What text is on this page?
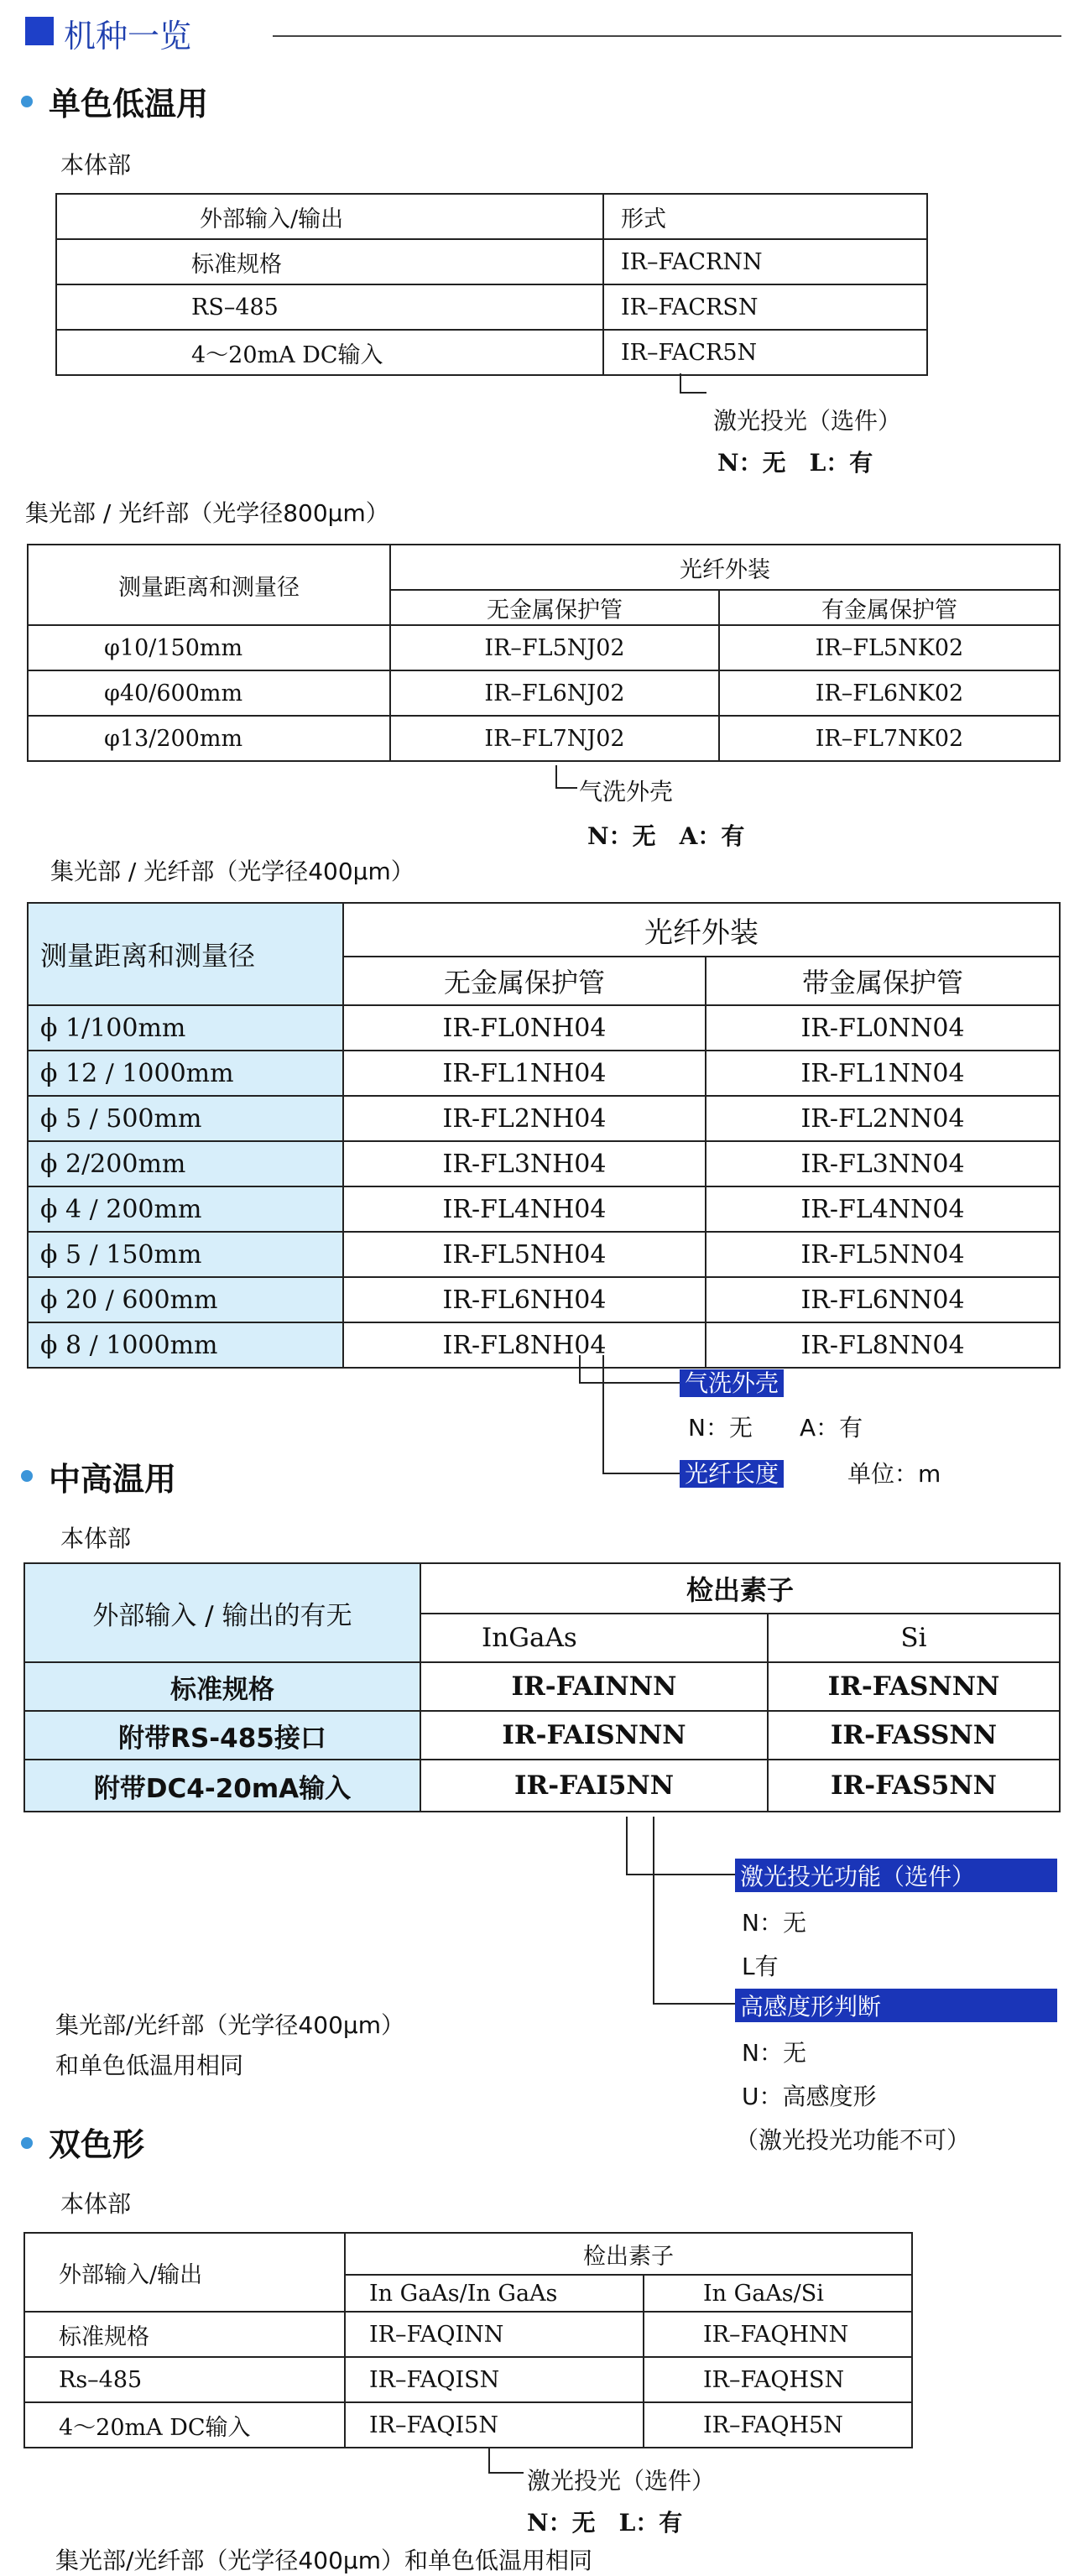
机种一览
单色低温用
本体部
外部输入/输出	形式
标准规格	IR–FACRNN
RS–485	IR–FACRSN
4～20mA DC输入	IR–FACR5N
激光投光（选件）
N：无　L：有
集光部 / 光纤部（光学径800μm）
测量距离和测量径	光纤外装	
	无金属保护管	有金属保护管
φ10/150mm	IR–FL5NJ02	IR–FL5NK02
φ40/600mm	IR–FL6NJ02	IR–FL6NK02
φ13/200mm	IR–FL7NJ02	IR–FL7NK02
气洗外壳
N：无　A：有
集光部 / 光纤部（光学径400μm）
测量距离和测量径	光纤外装	
	无金属保护管	带金属保护管
ϕ 1/100mm	IR-FL0NH04	IR-FL0NN04
ϕ 12 / 1000mm	IR-FL1NH04	IR-FL1NN04
ϕ 5 / 500mm	IR-FL2NH04	IR-FL2NN04
ϕ 2/200mm	IR-FL3NH04	IR-FL3NN04
ϕ 4 / 200mm	IR-FL4NH04	IR-FL4NN04
ϕ 5 / 150mm	IR-FL5NH04	IR-FL5NN04
ϕ 20 / 600mm	IR-FL6NH04	IR-FL6NN04
ϕ 8 / 1000mm	IR-FL8NH04	IR-FL8NN04
气洗外壳
N：无　　A：有
光纤长度	单位：m
中高温用
本体部
外部输入 / 输出的有无	检出素子	
	InGaAs	Si
标准规格	IR-FAINNN	IR-FASNNN
附带RS-485接口	IR-FAISNNN	IR-FASSNN
附带DC4-20mA输入	IR-FAI5NN	IR-FAS5NN
激光投光功能（选件）
N：无
L有
高感度形判断
N：无
U：高感度形
（激光投光功能不可）
集光部/光纤部（光学径400μm）
和单色低温用相同
双色形
本体部
外部输入/输出	检出素子	
	In GaAs/In GaAs	In GaAs/Si
标准规格	IR–FAQINN	IR–FAQHNN
Rs–485	IR–FAQISN	IR–FAQHSN
4～20mA DC输入	IR–FAQI5N	IR–FAQH5N
激光投光（选件）
N：无　L：有
集光部/光纤部（光学径400μm）和单色低温用相同
